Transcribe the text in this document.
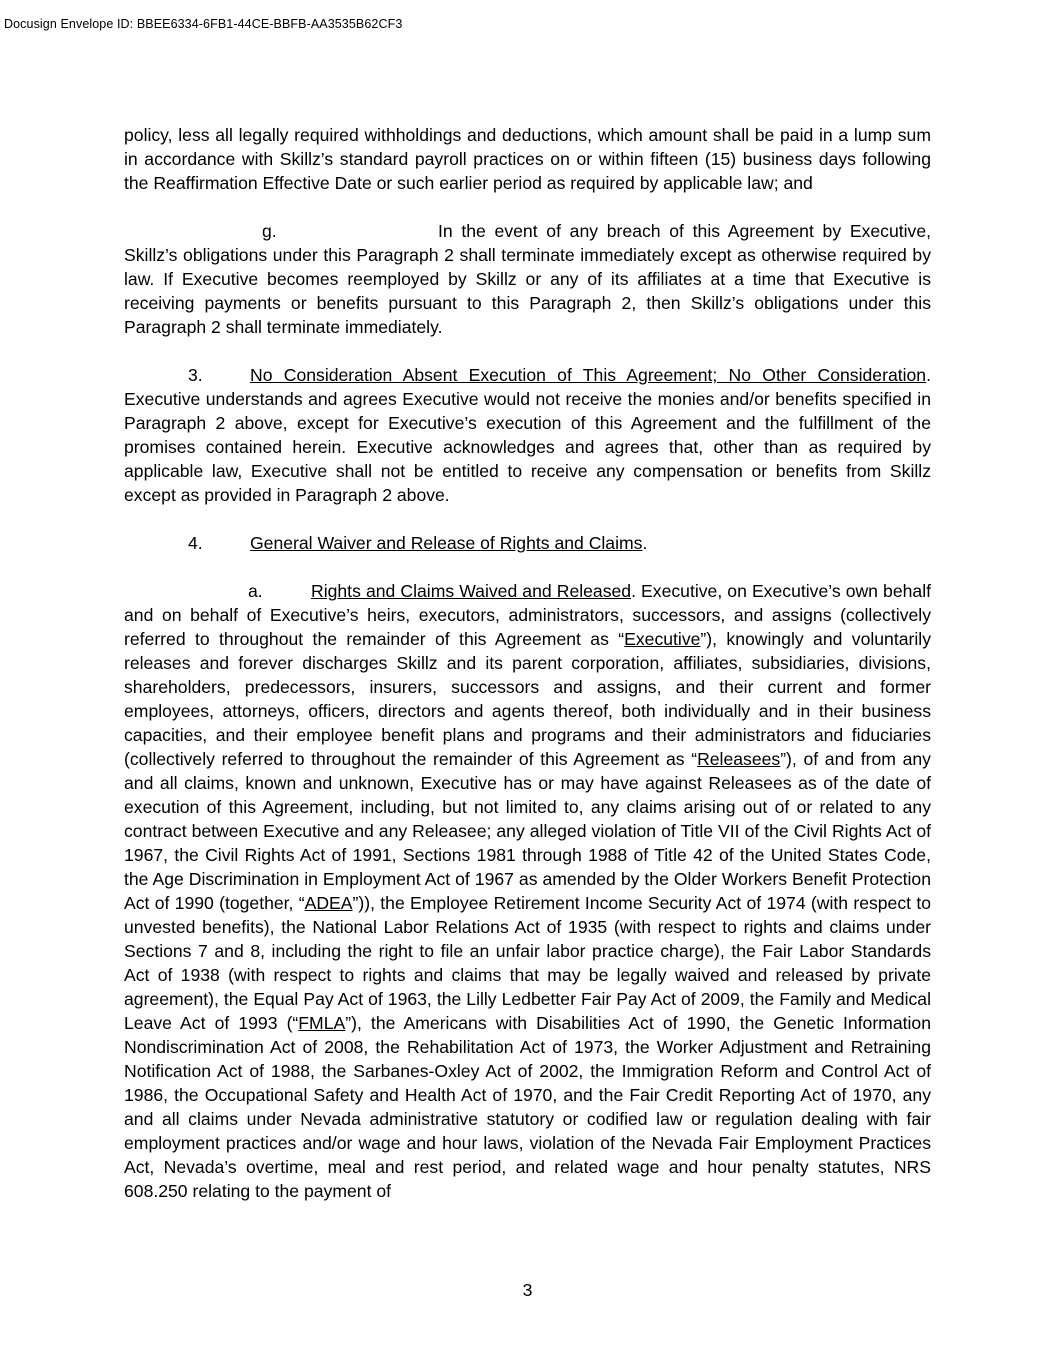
Docusign Envelope ID: BBEE6334-6FB1-44CE-BBFB-AA3535B62CF3

policy, less all legally required withholdings and deductions, which amount shall be paid in a lump sum in accordance with Skillz’s standard payroll practices on or within fifteen (15) business days following the Reaffirmation Effective Date or such earlier period as required by applicable law; and

g.	In the event of any breach of this Agreement by Executive, Skillz’s obligations under this Paragraph 2 shall terminate immediately except as otherwise required by law. If Executive becomes reemployed by Skillz or any of its affiliates at a time that Executive is receiving payments or benefits pursuant to this Paragraph 2, then Skillz’s obligations under this Paragraph 2 shall terminate immediately.

3.	No Consideration Absent Execution of This Agreement; No Other Consideration. Executive understands and agrees Executive would not receive the monies and/or benefits specified in Paragraph 2 above, except for Executive’s execution of this Agreement and the fulfillment of the promises contained herein. Executive acknowledges and agrees that, other than as required by applicable law, Executive shall not be entitled to receive any compensation or benefits from Skillz except as provided in Paragraph 2 above.

4.	General Waiver and Release of Rights and Claims.

a.	Rights and Claims Waived and Released. Executive, on Executive’s own behalf and on behalf of Executive’s heirs, executors, administrators, successors, and assigns (collectively referred to throughout the remainder of this Agreement as “Executive”), knowingly and voluntarily releases and forever discharges Skillz and its parent corporation, affiliates, subsidiaries, divisions, shareholders, predecessors, insurers, successors and assigns, and their current and former employees, attorneys, officers, directors and agents thereof, both individually and in their business capacities, and their employee benefit plans and programs and their administrators and fiduciaries (collectively referred to throughout the remainder of this Agreement as “Releasees”), of and from any and all claims, known and unknown, Executive has or may have against Releasees as of the date of execution of this Agreement, including, but not limited to, any claims arising out of or related to any contract between Executive and any Releasee; any alleged violation of Title VII of the Civil Rights Act of 1967, the Civil Rights Act of 1991, Sections 1981 through 1988 of Title 42 of the United States Code, the Age Discrimination in Employment Act of 1967 as amended by the Older Workers Benefit Protection Act of 1990 (together, “ADEA”)), the Employee Retirement Income Security Act of 1974 (with respect to unvested benefits), the National Labor Relations Act of 1935 (with respect to rights and claims under Sections 7 and 8, including the right to file an unfair labor practice charge), the Fair Labor Standards Act of 1938 (with respect to rights and claims that may be legally waived and released by private agreement), the Equal Pay Act of 1963, the Lilly Ledbetter Fair Pay Act of 2009, the Family and Medical Leave Act of 1993 (“FMLA”), the Americans with Disabilities Act of 1990, the Genetic Information Nondiscrimination Act of 2008, the Rehabilitation Act of 1973, the Worker Adjustment and Retraining Notification Act of 1988, the Sarbanes-Oxley Act of 2002, the Immigration Reform and Control Act of 1986, the Occupational Safety and Health Act of 1970, and the Fair Credit Reporting Act of 1970, any and all claims under Nevada administrative statutory or codified law or regulation dealing with fair employment practices and/or wage and hour laws, violation of the Nevada Fair Employment Practices Act, Nevada’s overtime, meal and rest period, and related wage and hour penalty statutes, NRS 608.250 relating to the payment of

3
